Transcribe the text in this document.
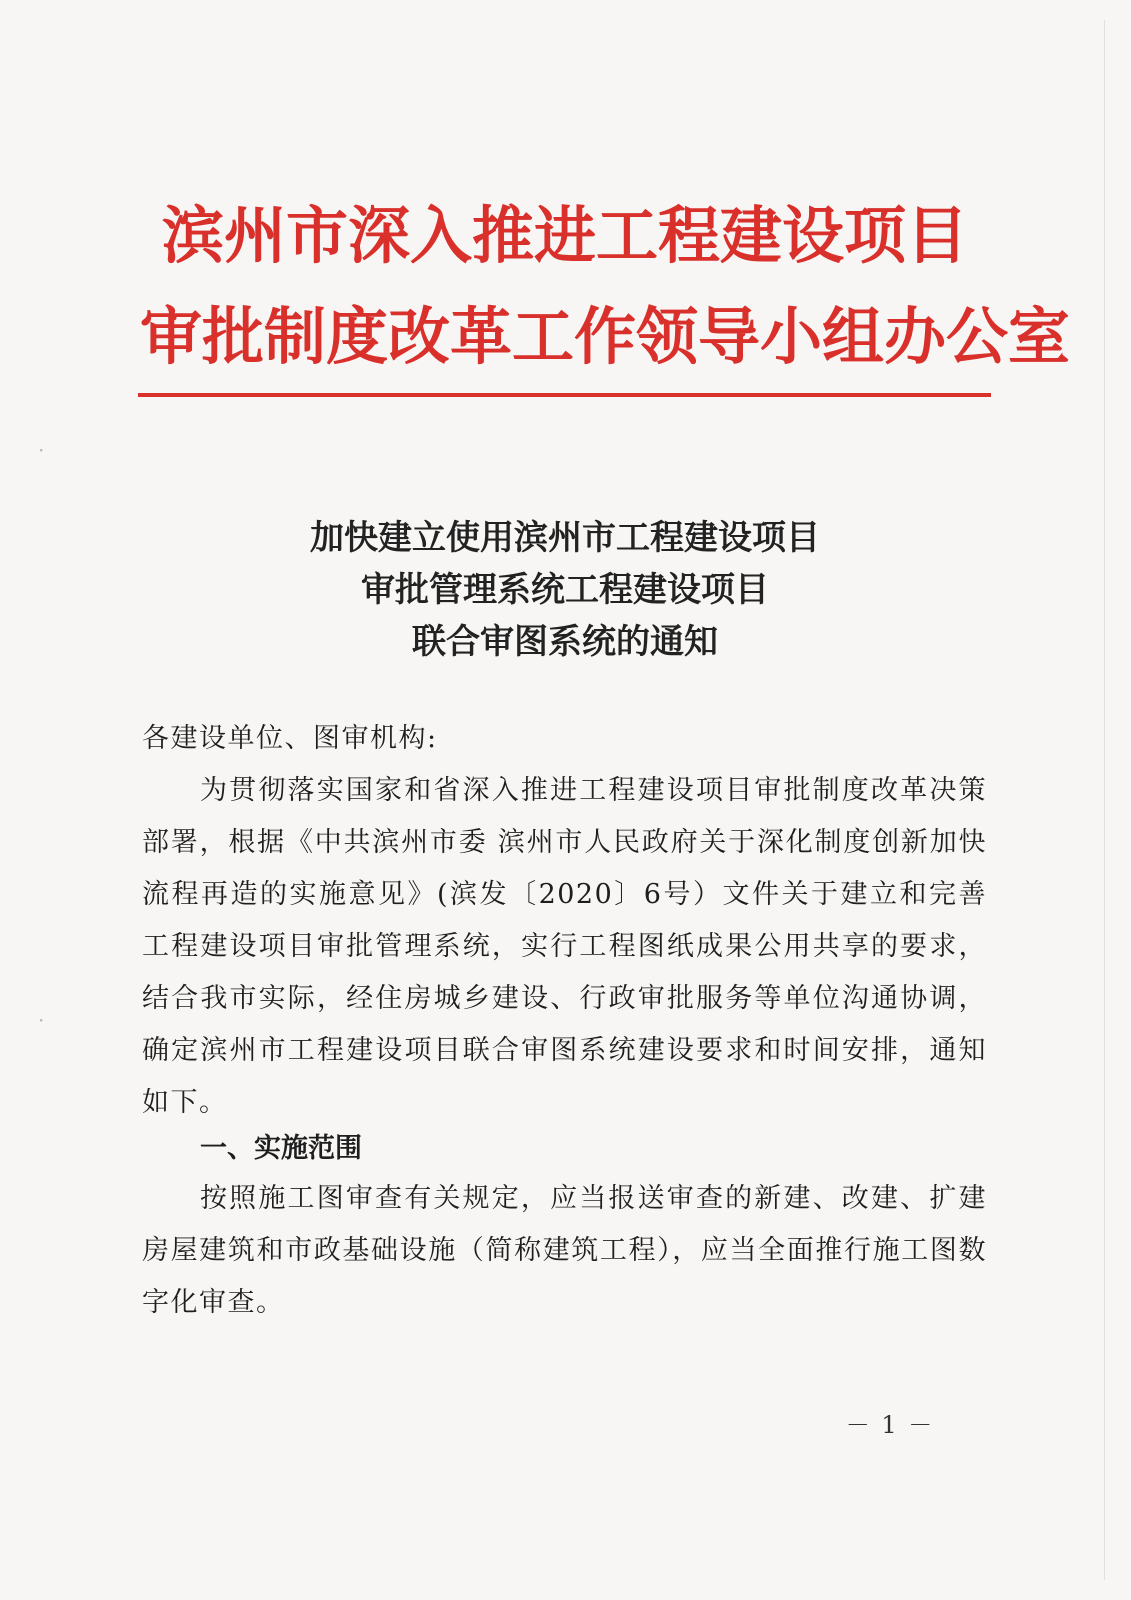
·
·
滨州市深入推进工程建设项目
审批制度改革工作领导小组办公室
加快建立使用滨州市工程建设项目
审批管理系统工程建设项目
联合审图系统的通知

各建设单位、图审机构:

为贯彻落实国家和省深入推进工程建设项目审批制度改革决策部署，根据《中共滨州市委 滨州市人民政府关于深化制度创新加快流程再造的实施意见》(滨发〔2020〕6号）文件关于建立和完善工程建设项目审批管理系统，实行工程图纸成果公用共享的要求，结合我市实际，经住房城乡建设、行政审批服务等单位沟通协调，确定滨州市工程建设项目联合审图系统建设要求和时间安排，通知如下。

一、实施范围

按照施工图审查有关规定，应当报送审查的新建、改建、扩建房屋建筑和市政基础设施（简称建筑工程），应当全面推行施工图数字化审查。

－ 1 －
